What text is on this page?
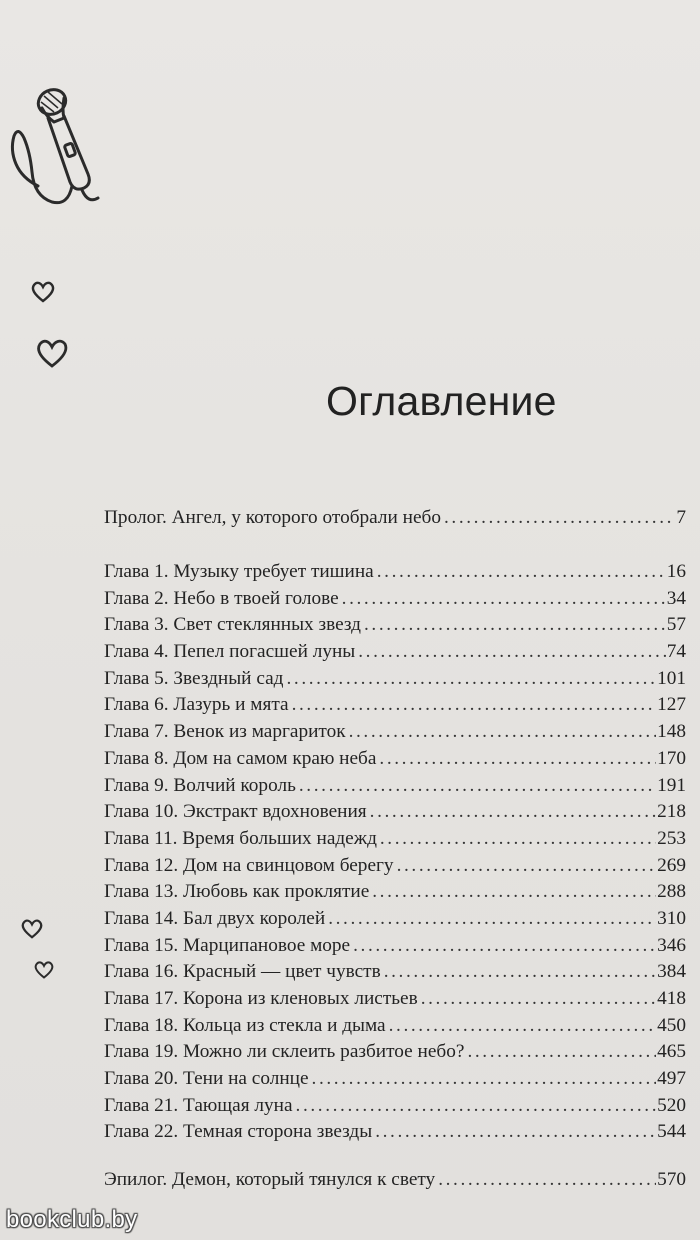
Оглавление
Пролог. Ангел, у которого отобрали небо .....	7
Глава 1. Музыку требует тишина .....	16
Глава 2. Небо в твоей голове .....	34
Глава 3. Свет стеклянных звезд .....	57
Глава 4. Пепел погасшей луны .....	74
Глава 5. Звездный сад .....	101
Глава 6. Лазурь и мята .....	127
Глава 7. Венок из маргариток .....	148
Глава 8. Дом на самом краю неба .....	170
Глава 9. Волчий король .....	191
Глава 10. Экстракт вдохновения .....	218
Глава 11. Время больших надежд .....	253
Глава 12. Дом на свинцовом берегу .....	269
Глава 13. Любовь как проклятие .....	288
Глава 14. Бал двух королей .....	310
Глава 15. Марципановое море .....	346
Глава 16. Красный — цвет чувств .....	384
Глава 17. Корона из кленовых листьев .....	418
Глава 18. Кольца из стекла и дыма .....	450
Глава 19. Можно ли склеить разбитое небо? .....	465
Глава 20. Тени на солнце .....	497
Глава 21. Тающая луна .....	520
Глава 22. Темная сторона звезды .....	544
Эпилог. Демон, который тянулся к свету .....	570
bookclub.by
